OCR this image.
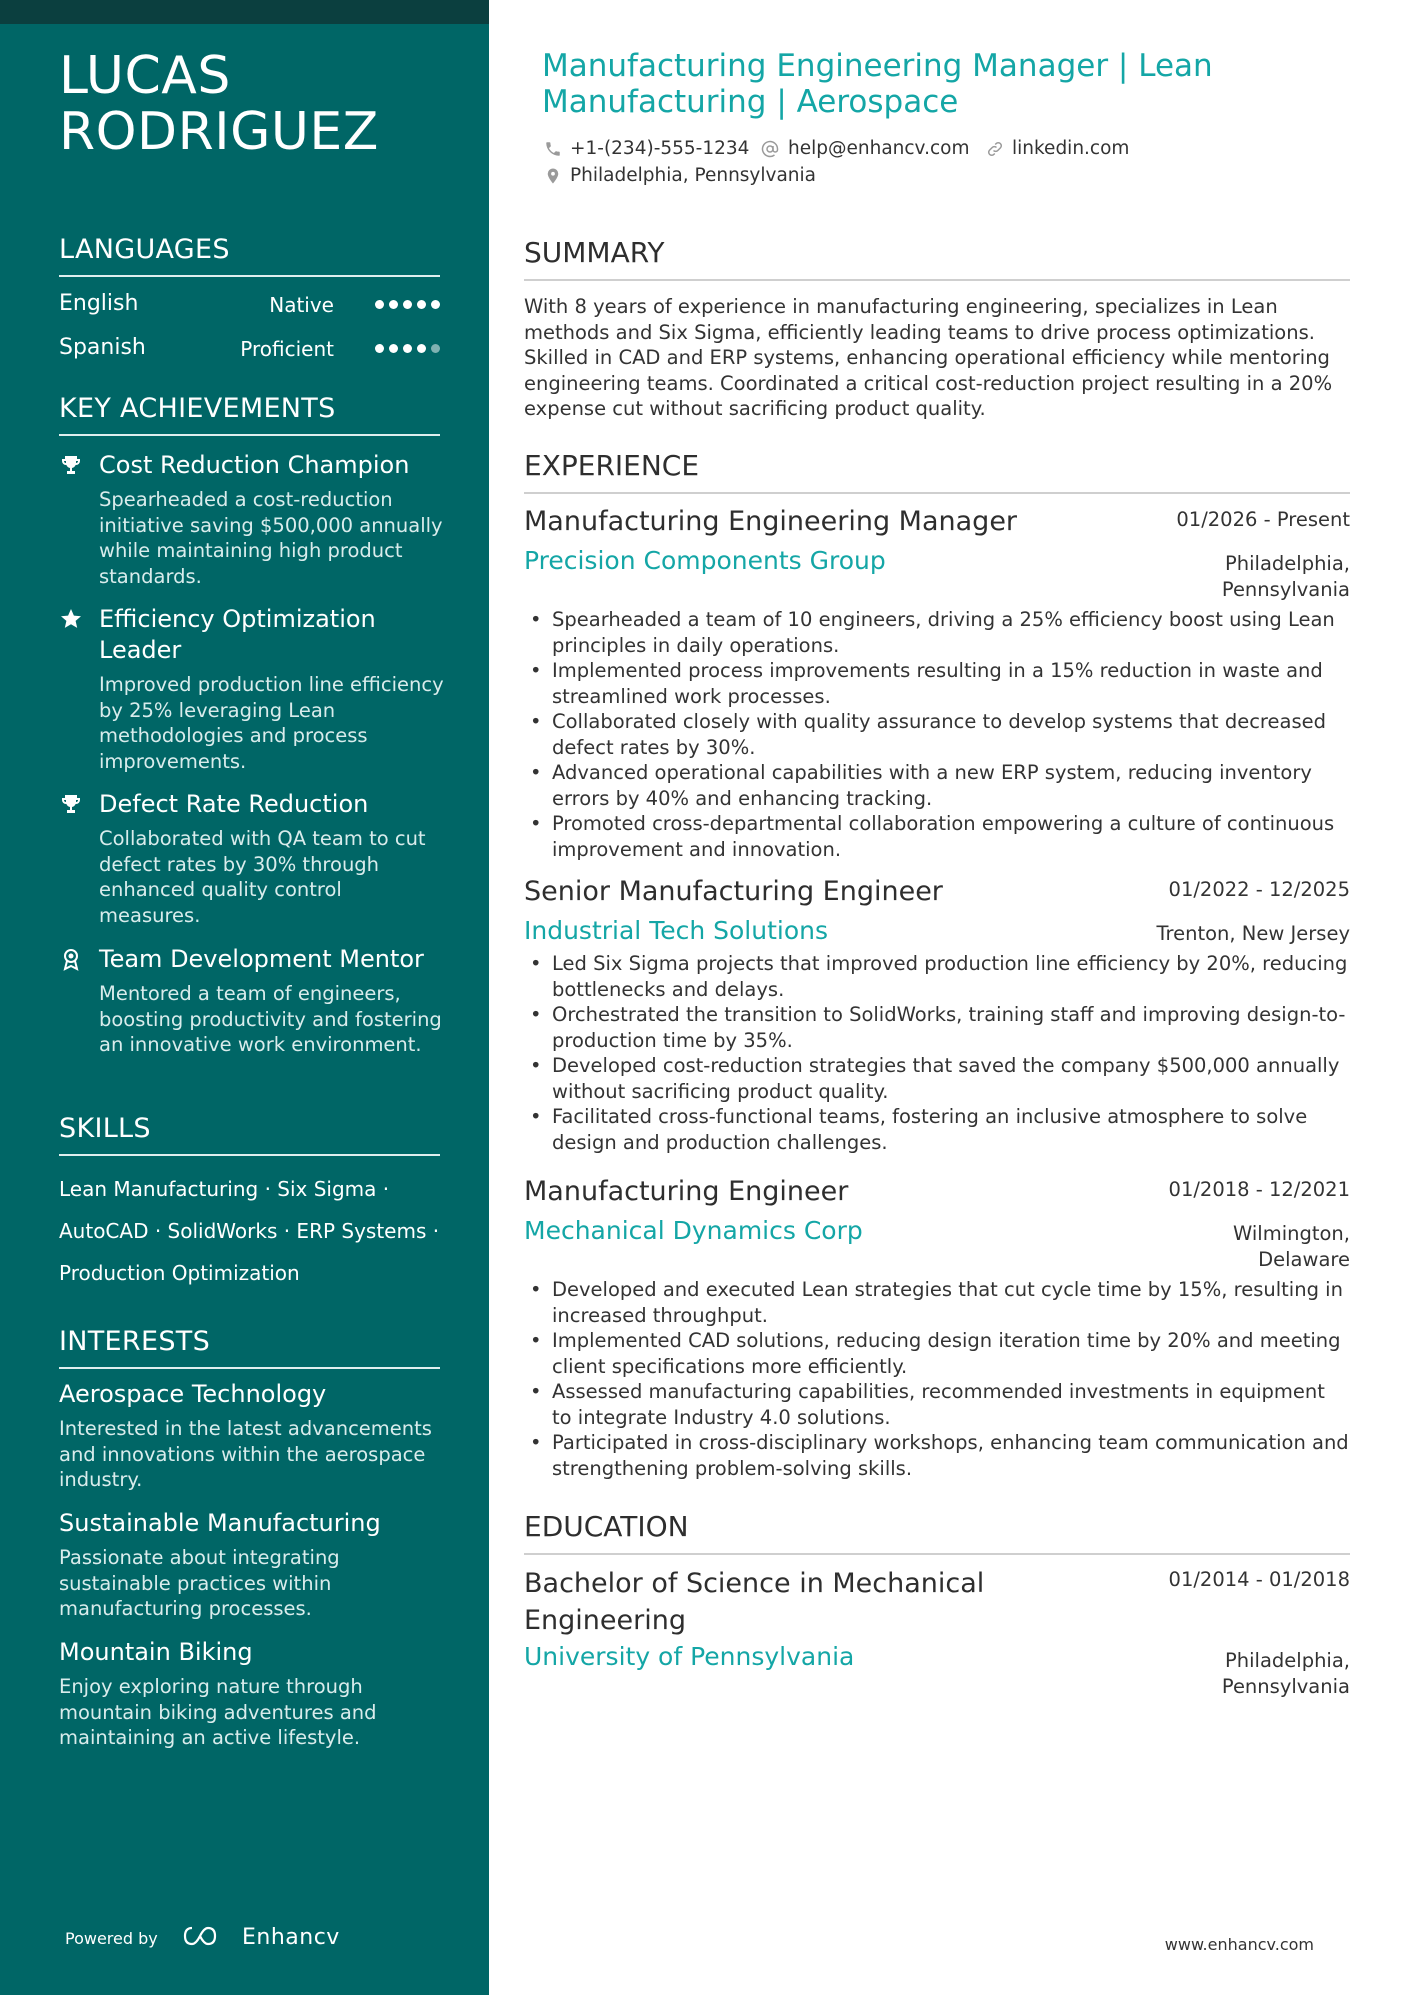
LUCAS RODRIGUEZ
LANGUAGES
English	Native
Spanish	Proficient
KEY ACHIEVEMENTS
Cost Reduction Champion
Spearheaded a cost-reduction initiative saving $500,000 annually while maintaining high product standards.
Efficiency Optimization Leader
Improved production line efficiency by 25% leveraging Lean methodologies and process improvements.
Defect Rate Reduction
Collaborated with QA team to cut defect rates by 30% through enhanced quality control measures.
Team Development Mentor
Mentored a team of engineers, boosting productivity and fostering an innovative work environment.
SKILLS
Lean Manufacturing · Six Sigma ·
AutoCAD · SolidWorks · ERP Systems ·
Production Optimization
INTERESTS
Aerospace Technology
Interested in the latest advancements and innovations within the aerospace industry.
Sustainable Manufacturing
Passionate about integrating sustainable practices within manufacturing processes.
Mountain Biking
Enjoy exploring nature through mountain biking adventures and maintaining an active lifestyle.
Powered by	Enhancv
Manufacturing Engineering Manager | Lean Manufacturing | Aerospace
+1-(234)-555-1234 help@enhancv.com linkedin.com
Philadelphia, Pennsylvania
SUMMARY
With 8 years of experience in manufacturing engineering, specializes in Lean methods and Six Sigma, efficiently leading teams to drive process optimizations. Skilled in CAD and ERP systems, enhancing operational efficiency while mentoring engineering teams. Coordinated a critical cost-reduction project resulting in a 20% expense cut without sacrificing product quality.
EXPERIENCE
Manufacturing Engineering Manager	01/2026 - Present
Precision Components Group	Philadelphia, Pennsylvania
• Spearheaded a team of 10 engineers, driving a 25% efficiency boost using Lean principles in daily operations.
• Implemented process improvements resulting in a 15% reduction in waste and streamlined work processes.
• Collaborated closely with quality assurance to develop systems that decreased defect rates by 30%.
• Advanced operational capabilities with a new ERP system, reducing inventory errors by 40% and enhancing tracking.
• Promoted cross-departmental collaboration empowering a culture of continuous improvement and innovation.
Senior Manufacturing Engineer	01/2022 - 12/2025
Industrial Tech Solutions	Trenton, New Jersey
• Led Six Sigma projects that improved production line efficiency by 20%, reducing bottlenecks and delays.
• Orchestrated the transition to SolidWorks, training staff and improving design-to-production time by 35%.
• Developed cost-reduction strategies that saved the company $500,000 annually without sacrificing product quality.
• Facilitated cross-functional teams, fostering an inclusive atmosphere to solve design and production challenges.
Manufacturing Engineer	01/2018 - 12/2021
Mechanical Dynamics Corp	Wilmington, Delaware
• Developed and executed Lean strategies that cut cycle time by 15%, resulting in increased throughput.
• Implemented CAD solutions, reducing design iteration time by 20% and meeting client specifications more efficiently.
• Assessed manufacturing capabilities, recommended investments in equipment to integrate Industry 4.0 solutions.
• Participated in cross-disciplinary workshops, enhancing team communication and strengthening problem-solving skills.
EDUCATION
Bachelor of Science in Mechanical Engineering
01/2014 - 01/2018
University of Pennsylvania	Philadelphia, Pennsylvania
www.enhancv.com
